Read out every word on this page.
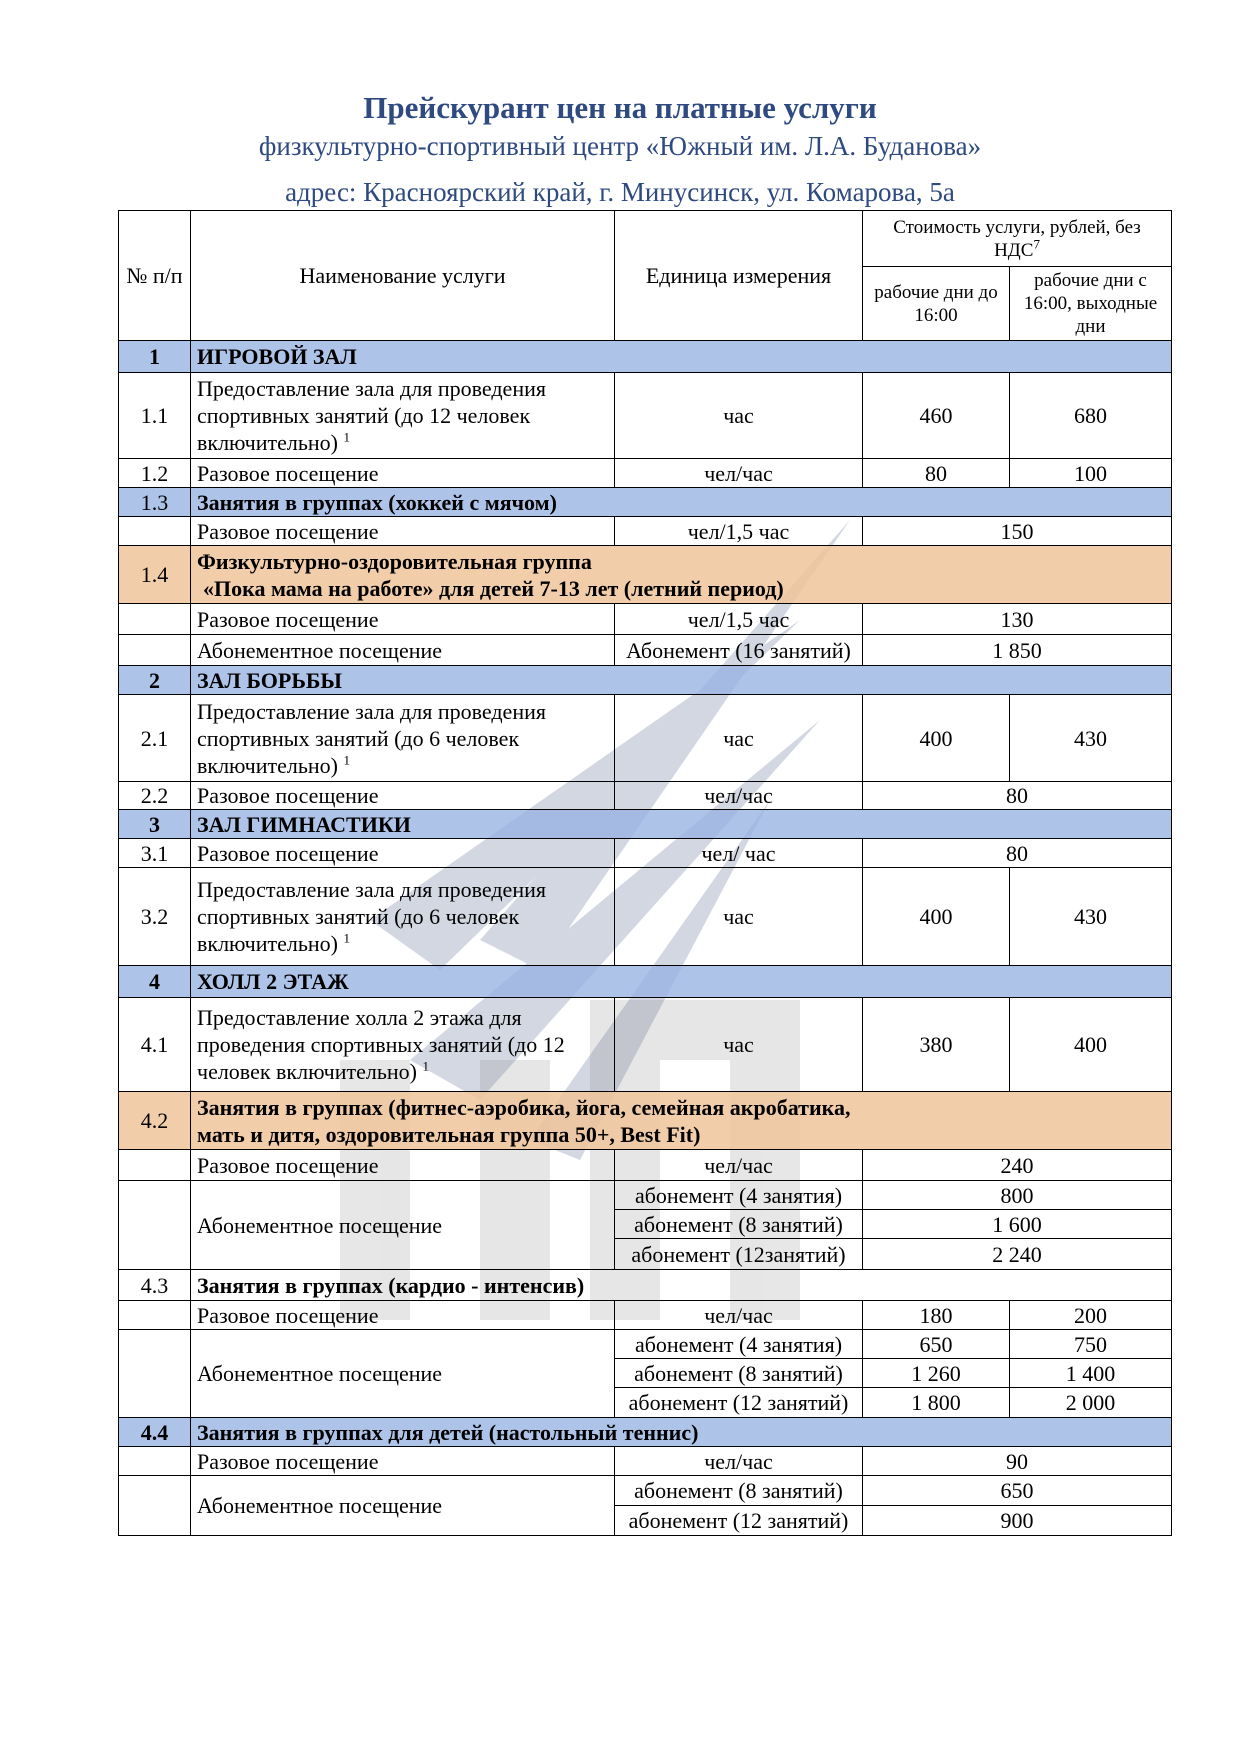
Прейскурант цен на платные услуги
физкультурно-спортивный центр «Южный им. Л.А. Буданова»
адрес: Красноярский край, г. Минусинск, ул. Комарова, 5а
№ п/п	Наименование услуги	Единица измерения	Стоимость услуги, рублей, без НДС$^7$
			рабочие дни до 16:00	рабочие дни с 16:00, выходные дни
1	ИГРОВОЙ ЗАЛ			
1.1	Предоставление зала для проведения спортивных занятий (до 12 человек включительно) $^1$	час	460	680
1.2	Разовое посещение	чел/час	80	100
1.3	Занятия в группах (хоккей с мячом)			
	Разовое посещение	чел/1,5 час	150	
1.4	Физкультурно-оздоровительная группа
«Пока мама на работе» для детей 7-13 лет (летний период)			

	Разовое посещение	чел/1,5 час	130	
	Абонементное посещение	Абонемент (16 занятий)	1 850	
2	ЗАЛ БОРЬБЫ			
2.1	Предоставление зала для проведения спортивных занятий (до 6 человек включительно) $^1$	час	400	430
2.2	Разовое посещение	чел/час	80	
3	ЗАЛ ГИМНАСТИКИ			
3.1	Разовое посещение	чел/ час	80	
3.2	Предоставление зала для проведения спортивных занятий (до 6 человек включительно) $^1$	час	400	430
4	ХОЛЛ 2 ЭТАЖ			
4.1	Предоставление холла 2 этажа для проведения спортивных занятий (до 12 человек включительно) $^1$	час	380	400
4.2	Занятия в группах (фитнес-аэробика, йога, семейная акробатика,
мать и дитя, оздоровительная группа 50+, Best Fit)			

	Разовое посещение	чел/час	240	
	Абонементное посещение	абонемент (4 занятия)	800	
		абонемент (8 занятий)	1 600	
		абонемент (12занятий)	2 240	
4.3	Занятия в группах (кардио - интенсив)			
	Разовое посещение	чел/час	180	200
	Абонементное посещение	абонемент (4 занятия)	650	750
		абонемент (8 занятий)	1 260	1 400
		абонемент (12 занятий)	1 800	2 000
4.4	Занятия в группах для детей (настольный теннис)			
	Разовое посещение	чел/час	90	
	Абонементное посещение	абонемент (8 занятий)	650	
		абонемент (12 занятий)	900	
